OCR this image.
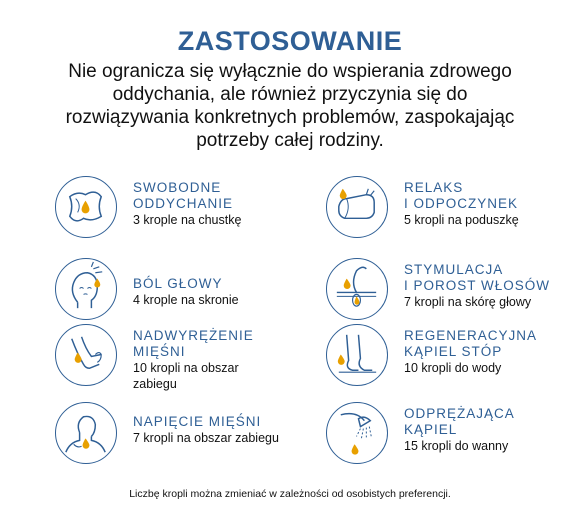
ZASTOSOWANIE
Nie ogranicza się wyłącznie do wspierania zdrowego
oddychania, ale również przyczynia się do
rozwiązywania konkretnych problemów, zaspokajając
potrzeby całej rodziny.
SWOBODNE
ODDYCHANIE
3 krople na chustkę
BÓL GŁOWY
4 krople na skronie
NADWYRĘŻENIE
MIĘŚNI
10 kropli na obszar
zabiegu
NAPIĘCIE MIĘŚNI
7 kropli na obszar zabiegu
RELAKS
I ODPOCZYNEK
5 kropli na poduszkę
STYMULACJA
I POROST WŁOSÓW
7 kropli na skórę głowy
REGENERACYJNA
KĄPIEL STÓP
10 kropli do wody
ODPRĘŻAJĄCA
KĄPIEL
15 kropli do wanny
Liczbę kropli można zmieniać w zależności od osobistych preferencji.
